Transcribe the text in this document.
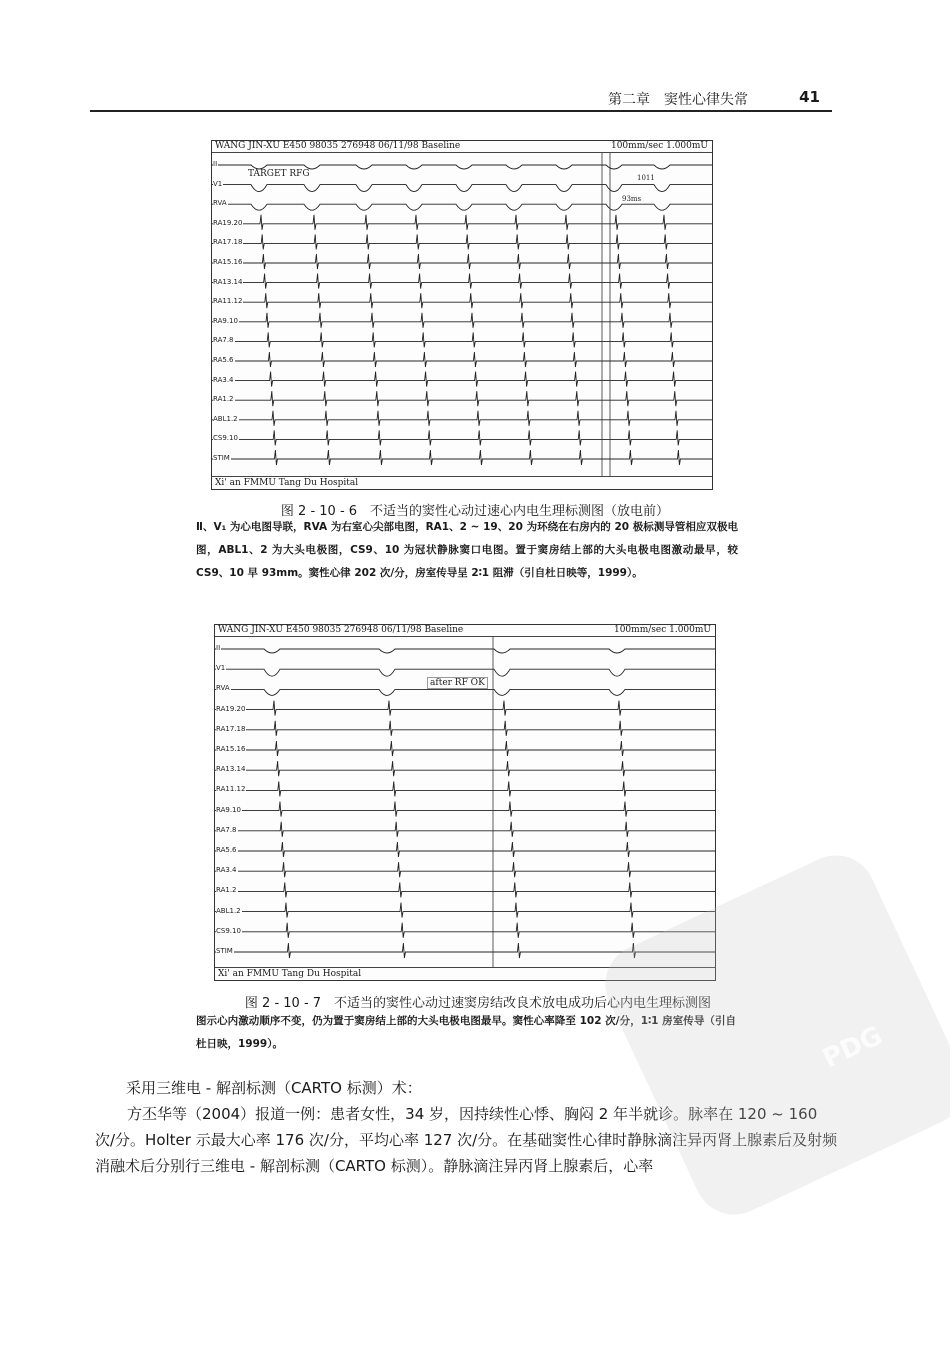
第二章　窦性心律失常	41
WANG JIN-XU E450 98035 276948 06/11/98 Baseline	100mm/sec 1.000mU
TARGET RFG
93ms
1011
Xi' an FMMU Tang Du Hospital
II
V1
RVA
RA19.20
RA17.18
RA15.16
RA13.14
RA11.12
RA9.10
RA7.8
RA5.6
RA3.4
RA1.2
ABL1.2
CS9.10
STIM
图 2 - 10 - 6　不适当的窦性心动过速心内电生理标测图（放电前）
Ⅱ、V₁ 为心电图导联，RVA 为右室心尖部电图，RA1、2 ~ 19、20 为环绕在右房内的 20 极标测导管相应双极电图，ABL1、2 为大头电极图，CS9、10 为冠状静脉窦口电图。置于窦房结上部的大头电极电图激动最早，较 CS9、10 早 93mm。窦性心律 202 次/分，房室传导呈 2∶1 阻滞（引自杜日映等，1999）。
WANG JIN-XU E450 98035 276948 06/11/98 Baseline	100mm/sec 1.000mU
after RF OK
Xi' an FMMU Tang Du Hospital
II
V1
RVA
RA19.20
RA17.18
RA15.16
RA13.14
RA11.12
RA9.10
RA7.8
RA5.6
RA3.4
RA1.2
ABL1.2
CS9.10
STIM
图 2 - 10 - 7　不适当的窦性心动过速窦房结改良术放电成功后心内电生理标测图
图示心内激动顺序不变，仍为置于窦房结上部的大头电极电图最早。窦性心率降至 102 次/分，1∶1 房室传导（引自杜日映，1999）。
采用三维电 - 解剖标测（CARTO 标测）术：
方丕华等（2004）报道一例：患者女性，34 岁，因持续性心悸、胸闷 2 年半就诊。脉率在 120 ~ 160 次/分。Holter 示最大心率 176 次/分，平均心率 127 次/分。在基础窦性心律时静脉滴注异丙肾上腺素后及射频消融术后分别行三维电 - 解剖标测（CARTO 标测）。静脉滴注异丙肾上腺素后，心率
PDG
